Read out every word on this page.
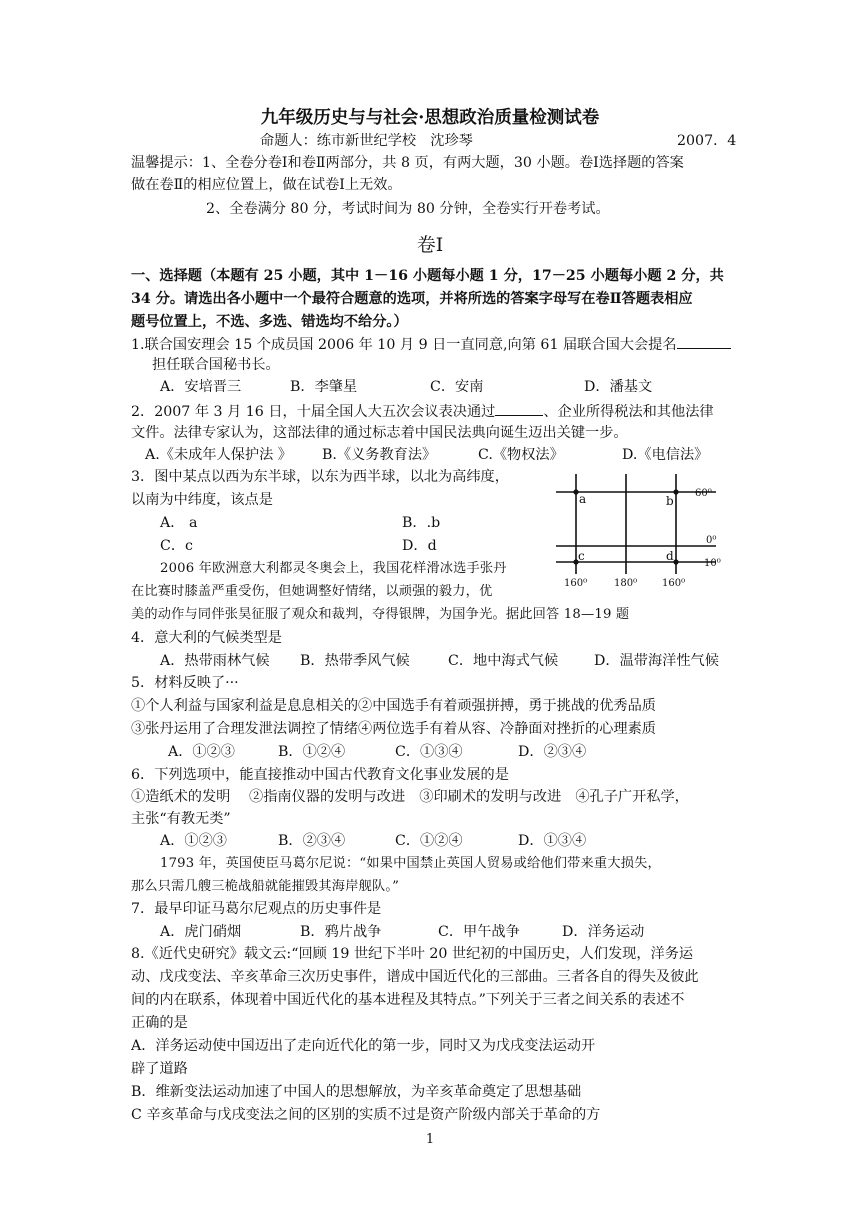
九年级历史与与社会·思想政治质量检测试卷
命题人：练市新世纪学校　沈珍琴	2007．4
温馨提示：1、全卷分卷Ⅰ和卷Ⅱ两部分，共 8 页，有两大题，30 小题。卷Ⅰ选择题的答案
做在卷Ⅱ的相应位置上，做在试卷Ⅰ上无效。
2、全卷满分 80 分，考试时间为 80 分钟，全卷实行开卷考试。
卷Ⅰ
一、选择题（本题有 25 小题，其中 1－16 小题每小题 1 分，17－25 小题每小题 2 分，共
34 分。请选出各小题中一个最符合题意的选项，并将所选的答案字母写在卷Ⅱ答题表相应
题号位置上，不选、多选、错选均不给分。）
1.联合国安理会 15 个成员国 2006 年 10 月 9 日一直同意,向第 61 届联合国大会提名
担任联合国秘书长。
A．安培晋三	B．李肇星	C．安南	D．潘基文
2．2007 年 3 月 16 日，十届全国人大五次会议表决通过	、企业所得税法和其他法律
文件。法律专家认为，这部法律的通过标志着中国民法典向诞生迈出关键一步。
A.《未成年人保护法 》 B.《义务教育法》	C.《物权法》	D.《电信法》
3．图中某点以西为东半球，以东为西半球，以北为高纬度，
以南为中纬度，该点是
A． a	B．.b
C．c	D．d
a	b
c	d
60⁰
0⁰
10⁰
160⁰	180⁰ 160⁰
2006 年欧洲意大利都灵冬奥会上，我国花样滑冰选手张丹
在比赛时膝盖严重受伤，但她调整好情绪，以顽强的毅力，优
美的动作与同伴张昊征服了观众和裁判，夺得银牌，为国争光。据此回答 18—19 题
4．意大利的气候类型是
A．热带雨林气候 B．热带季风气候	C．地中海式气候	D．温带海洋性气候
5．材料反映了···
①个人利益与国家利益是息息相关的②中国选手有着顽强拼搏，勇于挑战的优秀品质
③张丹运用了合理发泄法调控了情绪④两位选手有着从容、冷静面对挫折的心理素质
A．①②③	B．①②④	C．①③④	D．②③④
6．下列选项中，能直接推动中国古代教育文化事业发展的是
①造纸术的发明　 ②指南仪器的发明与改进　③印刷术的发明与改进　④孔子广开私学，
主张“有教无类”
A．①②③	B．②③④	C．①②④	D．①③④
1793 年，英国使臣马葛尔尼说：“如果中国禁止英国人贸易或给他们带来重大损失，
那么只需几艘三桅战船就能摧毁其海岸舰队。”
7．最早印证马葛尔尼观点的历史事件是
A．虎门硝烟	B．鸦片战争	C．甲午战争	D．洋务运动
8.《近代史研究》载文云:“回顾 19 世纪下半叶 20 世纪初的中国历史，人们发现，洋务运
动、戊戌变法、辛亥革命三次历史事件，谱成中国近代化的三部曲。三者各自的得失及彼此
间的内在联系，体现着中国近代化的基本进程及其特点。”下列关于三者之间关系的表述不
正确的是
A．洋务运动使中国迈出了走向近代化的第一步，同时又为戊戌变法运动开
辟了道路
B．维新变法运动加速了中国人的思想解放，为辛亥革命奠定了思想基础
C 辛亥革命与戊戌变法之间的区别的实质不过是资产阶级内部关于革命的方
1
